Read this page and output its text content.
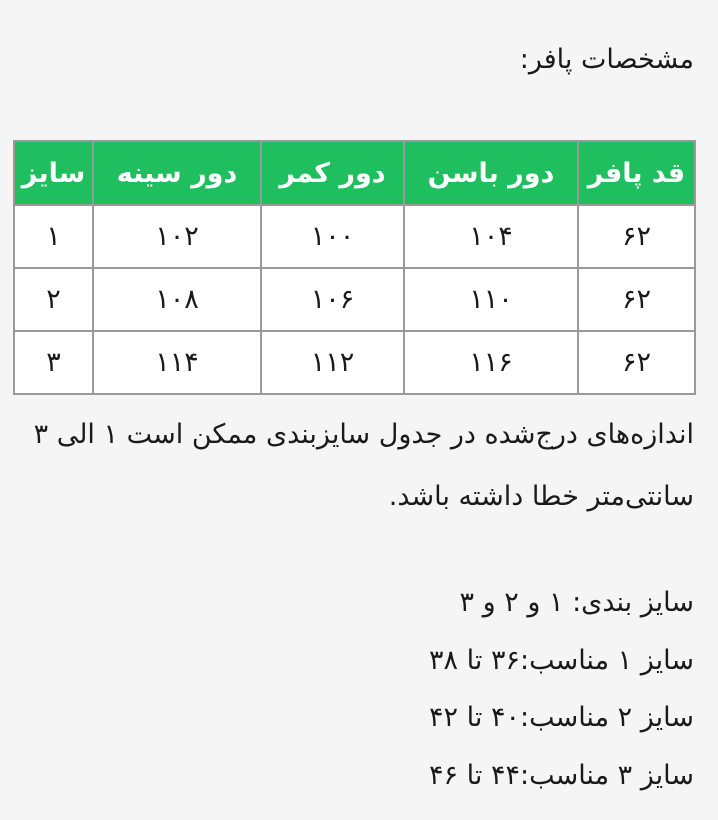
مشخصات پافر:
قد پافر	دور باسن	دور کمر	دور سینه	سایز
۶۲	۱۰۴	۱۰۰	۱۰۲	۱
۶۲	۱۱۰	۱۰۶	۱۰۸	۲
۶۲	۱۱۶	۱۱۲	۱۱۴	۳
اندازه‌های درج‌شده در جدول سایزبندی ممکن است ۱ الی ۳ سانتی‌متر خطا داشته باشد.
سایز بندی: ۱ و ۲ و ۳
سایز ۱ مناسب:۳۶ تا ۳۸
سایز ۲ مناسب:۴۰ تا ۴۲
سایز ۳ مناسب:۴۴ تا ۴۶
